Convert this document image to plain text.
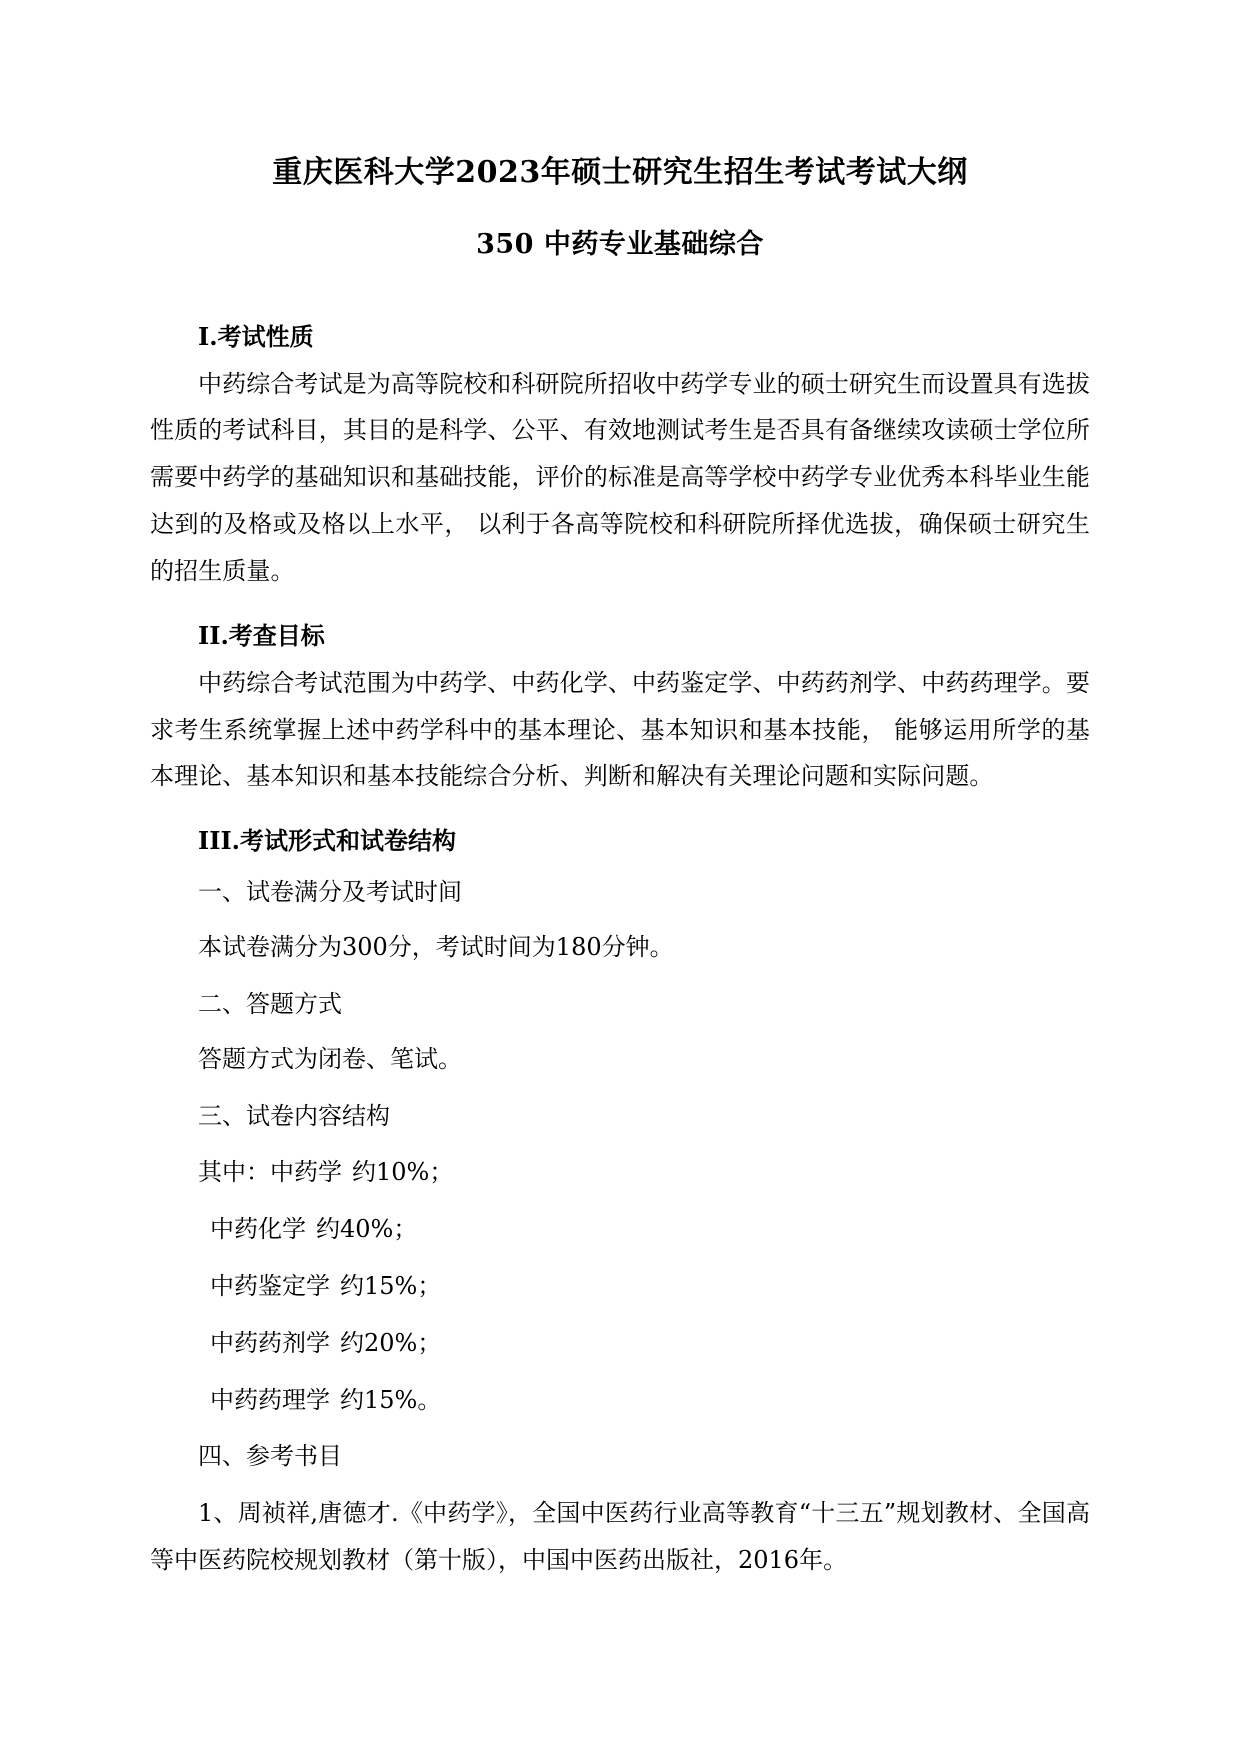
重庆医科大学2023年硕士研究生招生考试考试大纲
350 中药专业基础综合
I.考试性质

中药综合考试是为高等院校和科研院所招收中药学专业的硕士研究生而设置具有选拔性质的考试科目，其目的是科学、公平、有效地测试考生是否具有备继续攻读硕士学位所需要中药学的基础知识和基础技能，评价的标准是高等学校中药学专业优秀本科毕业生能达到的及格或及格以上水平， 以利于各高等院校和科研院所择优选拔，确保硕士研究生的招生质量。

II.考查目标

中药综合考试范围为中药学、中药化学、中药鉴定学、中药药剂学、中药药理学。要求考生系统掌握上述中药学科中的基本理论、基本知识和基本技能， 能够运用所学的基本理论、基本知识和基本技能综合分析、判断和解决有关理论问题和实际问题。

III.考试形式和试卷结构

一、试卷满分及考试时间

本试卷满分为300分，考试时间为180分钟。

二、答题方式

答题方式为闭卷、笔试。

三、试卷内容结构

其中：中药学 约10%；

中药化学 约40%；

中药鉴定学 约15%；

中药药剂学 约20%；

中药药理学 约15%。

四、参考书目

1、周祯祥,唐德才.《中药学》，全国中医药行业高等教育“十三五”规划教材、全国高等中医药院校规划教材（第十版），中国中医药出版社，2016年。
